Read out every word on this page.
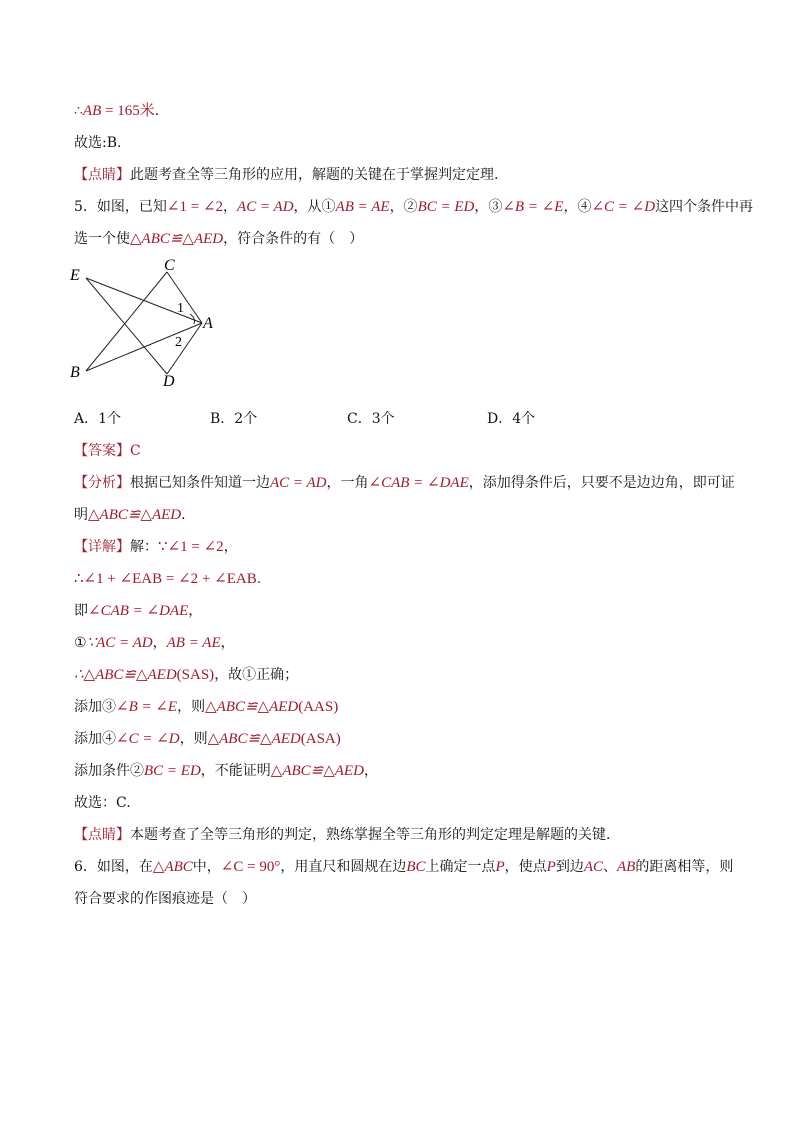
∴AB = 165米.
故选:B.
【点睛】此题考查全等三角形的应用，解题的关键在于掌握判定定理.
5．如图，已知∠1 = ∠2，AC = AD，从①AB = AE，②BC = ED，③∠B = ∠E，④∠C = ∠D这四个条件中再
选一个使△ABC≌△AED，符合条件的有（　）
E
C
A
B
D
1
2
A．1个	B．2个	C．3个	D．4个
【答案】C
【分析】根据已知条件知道一边AC = AD，一角∠CAB = ∠DAE，添加得条件后，只要不是边边角，即可证
明△ABC≌△AED.
【详解】解：∵∠1 = ∠2，
∴∠1 + ∠EAB = ∠2 + ∠EAB.
即∠CAB = ∠DAE，
①∵AC = AD，AB = AE，
∴△ABC≌△AED(SAS)，故①正确；
添加③∠B = ∠E，则△ABC≌△AED(AAS)
添加④∠C = ∠D，则△ABC≌△AED(ASA)
添加条件②BC = ED，不能证明△ABC≌△AED，
故选：C.
【点睛】本题考查了全等三角形的判定，熟练掌握全等三角形的判定定理是解题的关键.
6．如图，在△ABC中，∠C = 90°，用直尺和圆规在边BC上确定一点P，使点P到边AC、AB的距离相等，则
符合要求的作图痕迹是（　）
